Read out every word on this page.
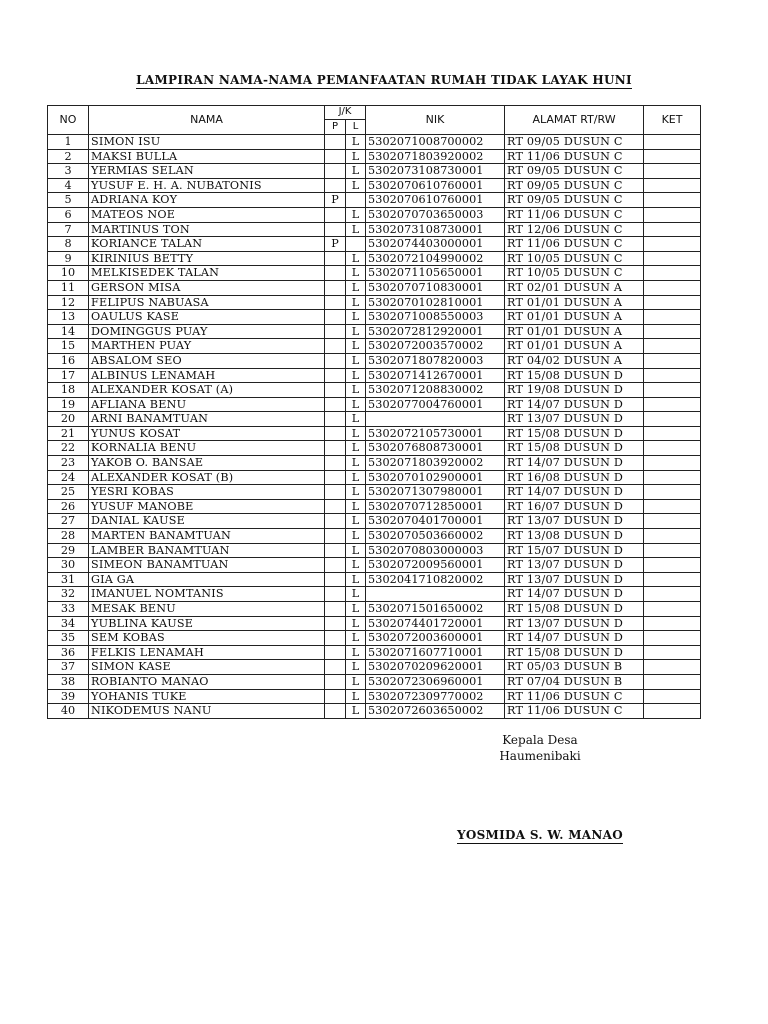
LAMPIRAN NAMA-NAMA PEMANFAATAN RUMAH TIDAK LAYAK HUNI
NO	NAMA	J/K		NIK	ALAMAT RT/RW	KET
		P	L			
1	SIMON ISU		L	5302071008700002	RT 09/05 DUSUN C	
2	MAKSI BULLA		L	5302071803920002	RT 11/06 DUSUN C	
3	YERMIAS SELAN		L	5302073108730001	RT 09/05 DUSUN C	
4	YUSUF E. H. A. NUBATONIS		L	5302070610760001	RT 09/05 DUSUN C	
5	ADRIANA KOY	P		5302070610760001	RT 09/05 DUSUN C	
6	MATEOS NOE		L	5302070703650003	RT 11/06 DUSUN C	
7	MARTINUS TON		L	5302073108730001	RT 12/06 DUSUN C	
8	KORIANCE TALAN	P		5302074403000001	RT 11/06 DUSUN C	
9	KIRINIUS BETTY		L	5302072104990002	RT 10/05 DUSUN C	
10	MELKISEDEK TALAN		L	5302071105650001	RT 10/05 DUSUN C	
11	GERSON MISA		L	5302070710830001	RT 02/01 DUSUN A	
12	FELIPUS NABUASA		L	5302070102810001	RT 01/01 DUSUN A	
13	OAULUS KASE		L	5302071008550003	RT 01/01 DUSUN A	
14	DOMINGGUS PUAY		L	5302072812920001	RT 01/01 DUSUN A	
15	MARTHEN PUAY		L	5302072003570002	RT 01/01 DUSUN A	
16	ABSALOM SEO		L	5302071807820003	RT 04/02 DUSUN A	
17	ALBINUS LENAMAH		L	5302071412670001	RT 15/08 DUSUN D	
18	ALEXANDER KOSAT (A)		L	5302071208830002	RT 19/08 DUSUN D	
19	AFLIANA BENU		L	5302077004760001	RT 14/07 DUSUN D	
20	ARNI BANAMTUAN		L		RT 13/07 DUSUN D	
21	YUNUS KOSAT		L	5302072105730001	RT 15/08 DUSUN D	
22	KORNALIA BENU		L	5302076808730001	RT 15/08 DUSUN D	
23	YAKOB O. BANSAE		L	5302071803920002	RT 14/07 DUSUN D	
24	ALEXANDER KOSAT (B)		L	5302070102900001	RT 16/08 DUSUN D	
25	YESRI KOBAS		L	5302071307980001	RT 14/07 DUSUN D	
26	YUSUF MANOBE		L	5302070712850001	RT 16/07 DUSUN D	
27	DANIAL KAUSE		L	5302070401700001	RT 13/07 DUSUN D	
28	MARTEN BANAMTUAN		L	5302070503660002	RT 13/08 DUSUN D	
29	LAMBER BANAMTUAN		L	5302070803000003	RT 15/07 DUSUN D	
30	SIMEON BANAMTUAN		L	5302072009560001	RT 13/07 DUSUN D	
31	GIA GA		L	5302041710820002	RT 13/07 DUSUN D	
32	IMANUEL NOMTANIS		L		RT 14/07 DUSUN D	
33	MESAK BENU		L	5302071501650002	RT 15/08 DUSUN D	
34	YUBLINA KAUSE		L	5302074401720001	RT 13/07 DUSUN D	
35	SEM KOBAS		L	5302072003600001	RT 14/07 DUSUN D	
36	FELKIS LENAMAH		L	5302071607710001	RT 15/08 DUSUN D	
37	SIMON KASE		L	5302070209620001	RT 05/03 DUSUN B	
38	ROBIANTO MANAO		L	5302072306960001	RT 07/04 DUSUN B	
39	YOHANIS TUKE		L	5302072309770002	RT 11/06 DUSUN C	
40	NIKODEMUS NANU		L	5302072603650002	RT 11/06 DUSUN C	
Kepala Desa
Haumenibaki
YOSMIDA S. W. MANAO
